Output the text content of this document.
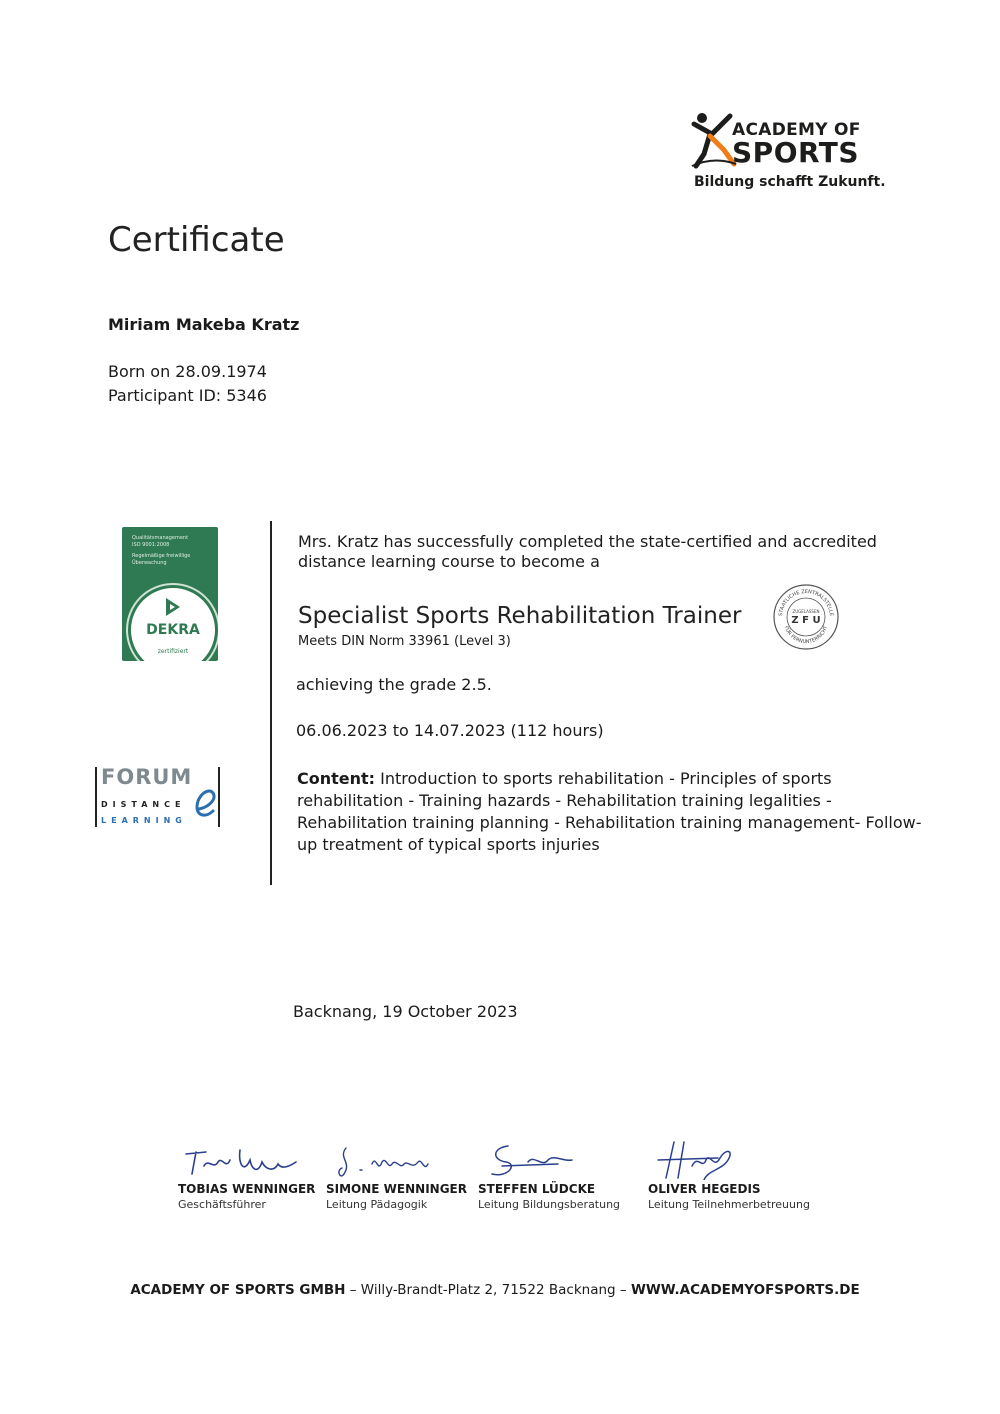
ACADEMY OF
SPORTS
Bildung schafft Zukunft.
Certificate
Miriam Makeba Kratz
Born on 28.09.1974
Participant ID: 5346
Qualitätsmanagement
ISO 9001:2008
Regelmäßige freiwillige
Überwachung
DEKRA
zertifiziert
FORUM
DISTANCE
LEARNING
Mrs. Kratz has successfully completed the state-certified and accredited distance learning course to become a
Specialist Sports Rehabilitation Trainer
Meets DIN Norm 33961 (Level 3)
STAATLICHE ZENTRALSTELLE
FÜR FERNUNTERRICHT
ZUGELASSEN
Z F U
achieving the grade 2.5.
06.06.2023 to 14.07.2023 (112 hours)
Content: Introduction to sports rehabilitation - Principles of sports rehabilitation - Training hazards - Rehabilitation training legalities - Rehabilitation training planning - Rehabilitation training management- Follow-up treatment of typical sports injuries
Backnang, 19 October 2023
TOBIAS WENNINGER
Geschäftsführer
SIMONE WENNINGER
Leitung Pädagogik
STEFFEN LÜDCKE
Leitung Bildungsberatung
OLIVER HEGEDIS
Leitung Teilnehmerbetreuung
ACADEMY OF SPORTS GMBH – Willy-Brandt-Platz 2, 71522 Backnang – WWW.ACADEMYOFSPORTS.DE
